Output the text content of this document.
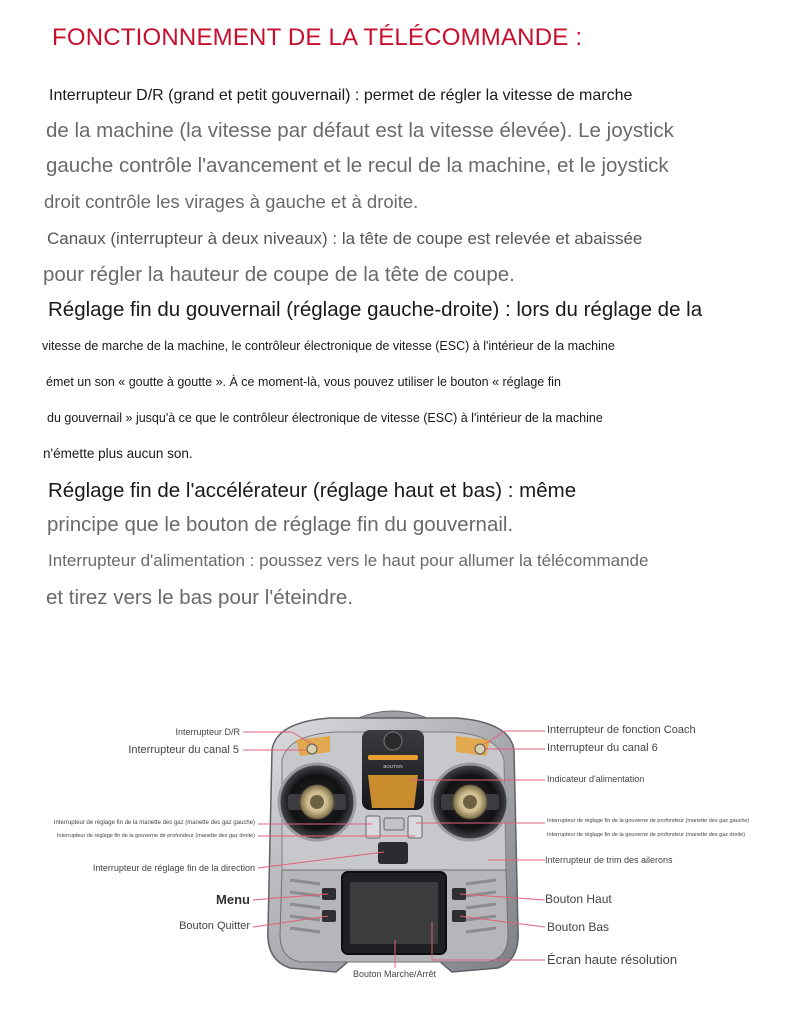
FONCTIONNEMENT DE LA TÉLÉCOMMANDE :
Interrupteur D/R (grand et petit gouvernail) : permet de régler la vitesse de marche
de la machine (la vitesse par défaut est la vitesse élevée). Le joystick
gauche contrôle l'avancement et le recul de la machine, et le joystick
droit contrôle les virages à gauche et à droite.
Canaux (interrupteur à deux niveaux) : la tête de coupe est relevée et abaissée
pour régler la hauteur de coupe de la tête de coupe.
Réglage fin du gouvernail (réglage gauche-droite) : lors du réglage de la
vitesse de marche de la machine, le contrôleur électronique de vitesse (ESC) à l'intérieur de la machine
émet un son « goutte à goutte ». À ce moment-là, vous pouvez utiliser le bouton « réglage fin
du gouvernail » jusqu'à ce que le contrôleur électronique de vitesse (ESC) à l'intérieur de la machine
n'émette plus aucun son.
Réglage fin de l'accélérateur (réglage haut et bas) : même
principe que le bouton de réglage fin du gouvernail.
Interrupteur d'alimentation : poussez vers le haut pour allumer la télécommande
et tirez vers le bas pour l'éteindre.
BOUTON
Interrupteur D/R
Interrupteur du canal 5
Interrupteur de réglage fin de la manette des gaz (manette des gaz gauche)
Interrupteur de réglage fin de la gouverne de profondeur (manette des gaz droite)
Interrupteur de réglage fin de la direction
Menu
Bouton Quitter
Interrupteur de fonction Coach
Interrupteur du canal 6
Indicateur d'alimentation
Interrupteur de réglage fin de la gouverne de profondeur (manette des gaz gauche)
Interrupteur de réglage fin de la gouverne de profondeur (manette des gaz droite)
Interrupteur de trim des ailerons
Bouton Haut
Bouton Bas
Écran haute résolution
Bouton Marche/Arrêt
